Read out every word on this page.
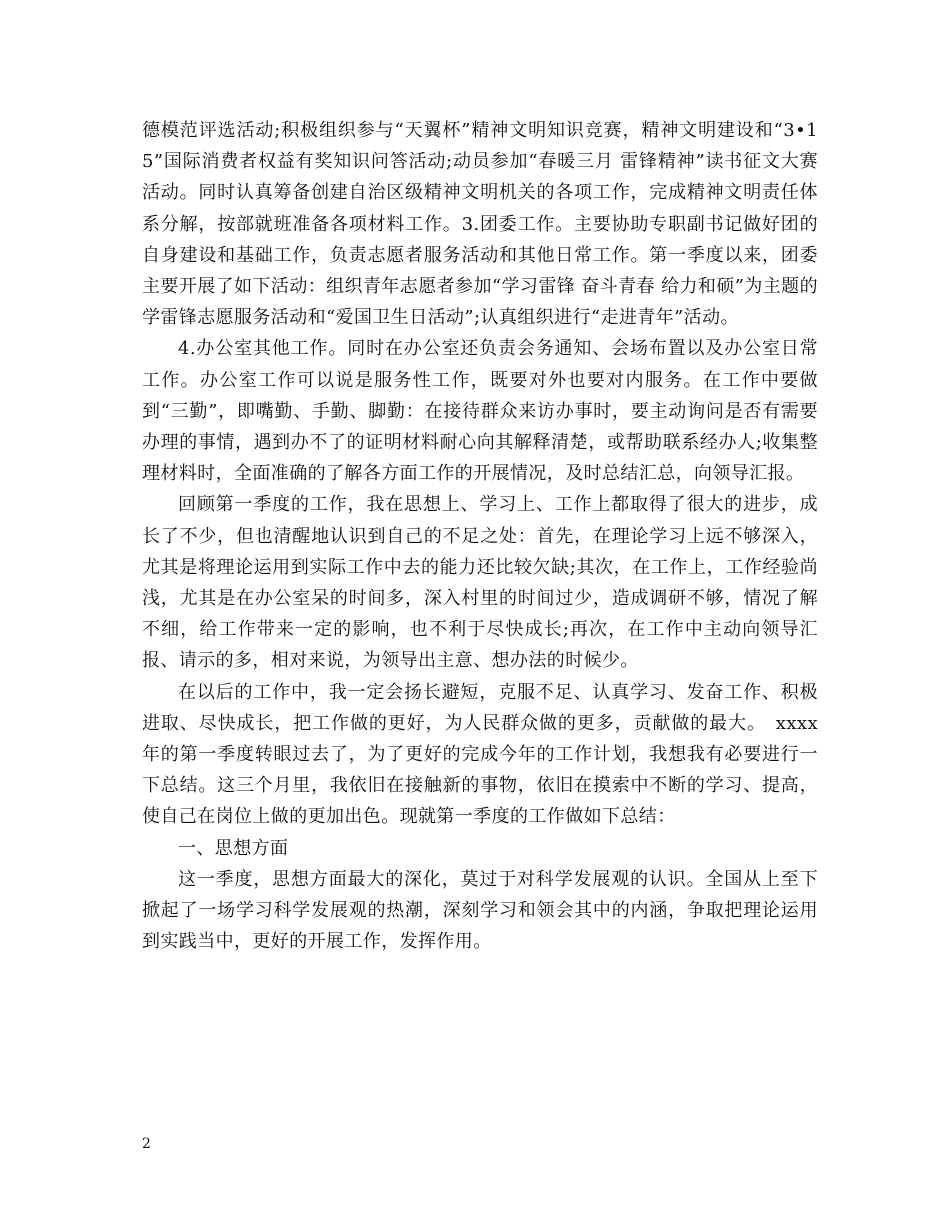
德模范评选活动;积极组织参与“天翼杯”精神文明知识竞赛，精神文明建设和“3•15”国际消费者权益有奖知识问答活动;动员参加“春暖三月 雷锋精神”读书征文大赛活动。同时认真筹备创建自治区级精神文明机关的各项工作，完成精神文明责任体系分解，按部就班准备各项材料工作。3.团委工作。主要协助专职副书记做好团的自身建设和基础工作，负责志愿者服务活动和其他日常工作。第一季度以来，团委主要开展了如下活动：组织青年志愿者参加“学习雷锋 奋斗青春 给力和硕”为主题的学雷锋志愿服务活动和“爱国卫生日活动”;认真组织进行“走进青年”活动。

4.办公室其他工作。同时在办公室还负责会务通知、会场布置以及办公室日常工作。办公室工作可以说是服务性工作，既要对外也要对内服务。在工作中要做到“三勤”，即嘴勤、手勤、脚勤：在接待群众来访办事时，要主动询问是否有需要办理的事情，遇到办不了的证明材料耐心向其解释清楚，或帮助联系经办人;收集整理材料时，全面准确的了解各方面工作的开展情况，及时总结汇总，向领导汇报。

回顾第一季度的工作，我在思想上、学习上、工作上都取得了很大的进步，成长了不少，但也清醒地认识到自己的不足之处：首先，在理论学习上远不够深入，尤其是将理论运用到实际工作中去的能力还比较欠缺;其次，在工作上，工作经验尚浅，尤其是在办公室呆的时间多，深入村里的时间过少，造成调研不够，情况了解不细，给工作带来一定的影响，也不利于尽快成长;再次，在工作中主动向领导汇报、请示的多，相对来说，为领导出主意、想办法的时候少。

在以后的工作中，我一定会扬长避短，克服不足、认真学习、发奋工作、积极进取、尽快成长，把工作做的更好，为人民群众做的更多，贡献做的最大。　xxxx年的第一季度转眼过去了，为了更好的完成今年的工作计划，我想我有必要进行一下总结。这三个月里，我依旧在接触新的事物，依旧在摸索中不断的学习、提高，使自己在岗位上做的更加出色。现就第一季度的工作做如下总结：

一、思想方面

这一季度，思想方面最大的深化，莫过于对科学发展观的认识。全国从上至下掀起了一场学习科学发展观的热潮，深刻学习和领会其中的内涵，争取把理论运用到实践当中，更好的开展工作，发挥作用。

2
